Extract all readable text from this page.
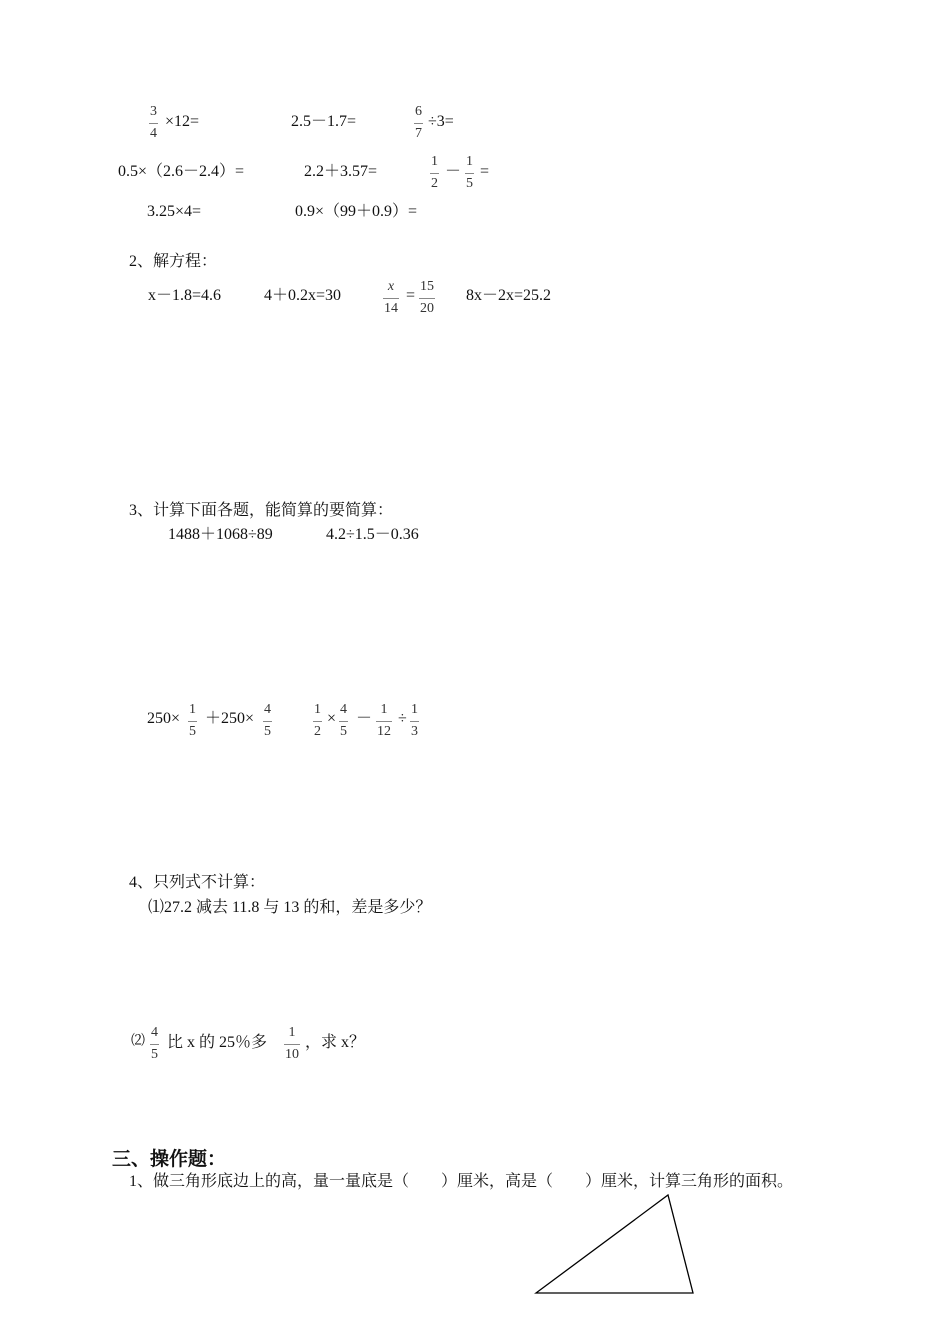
3
4
×12=	2.5－1.7=
6
7
÷3=
0.5×（2.6－2.4）=	2.2＋3.57=
1
2
－
1
5
=
3.25×4=	0.9×（99＋0.9）=
2、解方程：
x－1.8=4.6	4＋0.2x=30
x
14
=
15
20
8x－2x=25.2
3、计算下面各题，能简算的要简算：
1488＋1068÷89	4.2÷1.5－0.36
250×
1
5
＋250×
4
5
1
2
×
4
5
－
1
12
÷
1
3
4、只列式不计算：
⑴27.2 减去 11.8 与 13 的和，差是多少？
⑵
4
5
比 x 的 25％多
1
10
，求 x？
三、操作题：
1、做三角形底边上的高，量一量底是（　　）厘米，高是（　　）厘米，计算三角形的面积。
